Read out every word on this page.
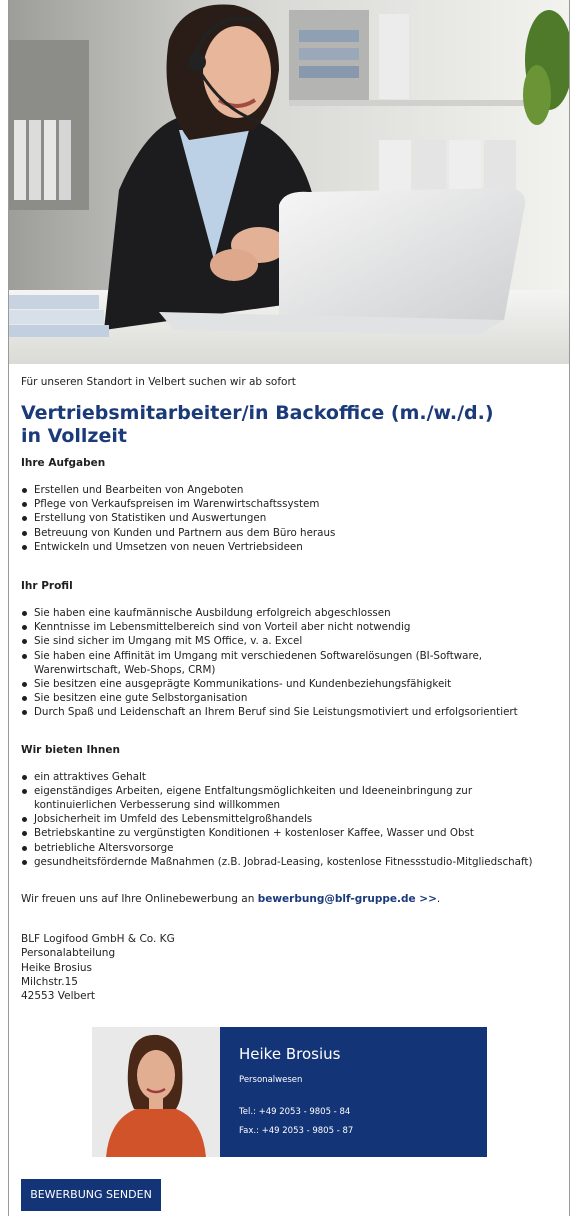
Für unseren Standort in Velbert suchen wir ab sofort

Vertriebsmitarbeiter/in Backoffice (m./w./d.)
in Vollzeit

Ihre Aufgaben

Erstellen und Bearbeiten von Angeboten
Pflege von Verkaufspreisen im Warenwirtschaftssystem
Erstellung von Statistiken und Auswertungen
Betreuung von Kunden und Partnern aus dem Büro heraus
Entwickeln und Umsetzen von neuen Vertriebsideen

Ihr Profil

Sie haben eine kaufmännische Ausbildung erfolgreich abgeschlossen
Kenntnisse im Lebensmittelbereich sind von Vorteil aber nicht notwendig
Sie sind sicher im Umgang mit MS Office, v. a. Excel
Sie haben eine Affinität im Umgang mit verschiedenen Softwarelösungen (BI-Software, Warenwirtschaft, Web-Shops, CRM)
Sie besitzen eine ausgeprägte Kommunikations- und Kundenbeziehungsfähigkeit
Sie besitzen eine gute Selbstorganisation
Durch Spaß und Leidenschaft an Ihrem Beruf sind Sie Leistungsmotiviert und erfolgsorientiert

Wir bieten Ihnen

ein attraktives Gehalt
eigenständiges Arbeiten, eigene Entfaltungsmöglichkeiten und Ideeneinbringung zur kontinuierlichen Verbesserung sind willkommen
Jobsicherheit im Umfeld des Lebensmittelgroßhandels
Betriebskantine zu vergünstigten Konditionen + kostenloser Kaffee, Wasser und Obst
betriebliche Altersvorsorge
gesundheitsfördernde Maßnahmen (z.B. Jobrad-Leasing, kostenlose Fitnessstudio-Mitgliedschaft)

Wir freuen uns auf Ihre Onlinebewerbung an bewerbung@blf-gruppe.de >>.

BLF Logifood GmbH & Co. KG

Personalabteilung

Heike Brosius

Milchstr.15

42553 Velbert

Heike Brosius
Personalwesen
Tel.: +49 2053 - 9805 - 84
Fax.: +49 2053 - 9805 - 87
BEWERBUNG SENDEN
